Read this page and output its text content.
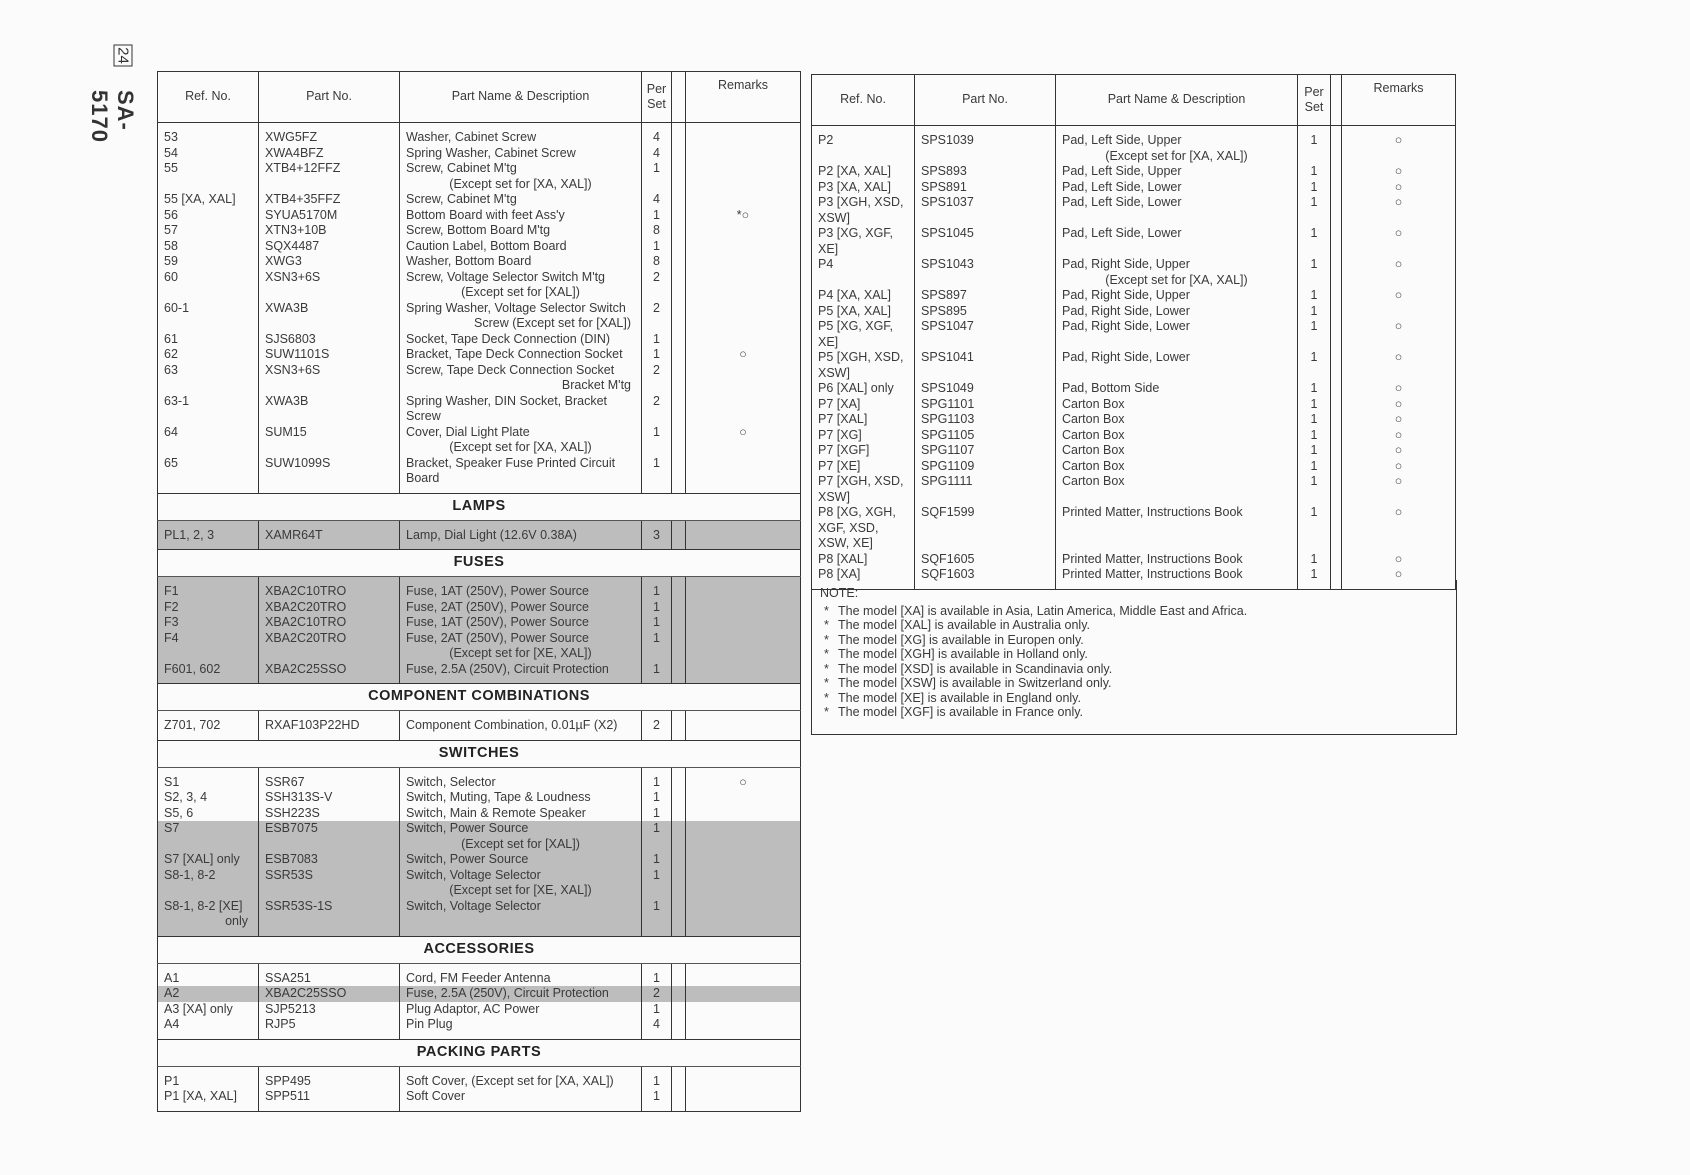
24
SA-5170	Ref. No.	Part No.	Part Name & Description	Per Set		Remarks
53	XWG5FZ	Washer, Cabinet Screw	4		
54	XWA4BFZ	Spring Washer, Cabinet Screw	4		
55	XTB4+12FFZ	Screw, Cabinet M'tg	1		

		(Except set for [XA, XAL])			

55 [XA, XAL]	XTB4+35FFZ	Screw, Cabinet M'tg	4		
56	SYUA5170M	Bottom Board with feet Ass'y	1		*○
57	XTN3+10B	Screw, Bottom Board M'tg	8		
58	SQX4487	Caution Label, Bottom Board	1		
59	XWG3	Washer, Bottom Board	8		
60	XSN3+6S	Screw, Voltage Selector Switch M'tg	2		

		(Except set for [XAL])			

60-1	XWA3B	Spring Washer, Voltage Selector Switch	2		

		Screw (Except set for [XAL])			

61	SJS6803	Socket, Tape Deck Connection (DIN)	1		
62	SUW1101S	Bracket, Tape Deck Connection Socket	1		○
63	XSN3+6S	Screw, Tape Deck Connection Socket	2		

		Bracket M'tg			

63-1	XWA3B	Spring Washer, DIN Socket, Bracket Screw	2		
64	SUM15	Cover, Dial Light Plate	1		○

		(Except set for [XA, XAL])			

65	SUW1099S	Bracket, Speaker Fuse Printed Circuit Board	1		
LAMPS					
PL1, 2, 3	XAMR64T	Lamp, Dial Light (12.6V 0.38A)	3		
FUSES					
F1	XBA2C10TRO	Fuse, 1AT (250V), Power Source	1		
F2	XBA2C20TRO	Fuse, 2AT (250V), Power Source	1		
F3	XBA2C10TRO	Fuse, 1AT (250V), Power Source	1		
F4	XBA2C20TRO	Fuse, 2AT (250V), Power Source	1		

		(Except set for [XE, XAL])			

F601, 602	XBA2C25SSO	Fuse, 2.5A (250V), Circuit Protection	1		
COMPONENT COMBINATIONS					
Z701, 702	RXAF103P22HD	Component Combination, 0.01µF (X2)	2		
SWITCHES					
S1	SSR67	Switch, Selector	1		○
S2, 3, 4	SSH313S-V	Switch, Muting, Tape & Loudness	1		
S5, 6	SSH223S	Switch, Main & Remote Speaker	1		
S7	ESB7075	Switch, Power Source	1		

		(Except set for [XAL])			

S7 [XAL] only	ESB7083	Switch, Power Source	1		
S8-1, 8-2	SSR53S	Switch, Voltage Selector	1		

		(Except set for [XE, XAL])			

S8-1, 8-2 [XE]	SSR53S-1S	Switch, Voltage Selector	1		

only					

ACCESSORIES					
A1	SSA251	Cord, FM Feeder Antenna	1		
A2	XBA2C25SSO	Fuse, 2.5A (250V), Circuit Protection	2		
A3 [XA] only	SJP5213	Plug Adaptor, AC Power	1		
A4	RJP5	Pin Plug	4		
PACKING PARTS					
P1	SPP495	Soft Cover, (Except set for [XA, XAL])	1		
P1 [XA, XAL]	SPP511	Soft Cover	1		
Ref. No.	Part No.	Part Name & Description	Per Set		Remarks
P2	SPS1039	Pad, Left Side, Upper	1		○

		(Except set for [XA, XAL])			

P2 [XA, XAL]	SPS893	Pad, Left Side, Upper	1		○
P3 [XA, XAL]	SPS891	Pad, Left Side, Lower	1		○
P3 [XGH, XSD,	SPS1037	Pad, Left Side, Lower	1		○
XSW]					
P3 [XG, XGF,	SPS1045	Pad, Left Side, Lower	1		○
XE]					
P4	SPS1043	Pad, Right Side, Upper	1		○

		(Except set for [XA, XAL])			

P4 [XA, XAL]	SPS897	Pad, Right Side, Upper	1		○
P5 [XA, XAL]	SPS895	Pad, Right Side, Lower	1		
P5 [XG, XGF,	SPS1047	Pad, Right Side, Lower	1		○
XE]					
P5 [XGH, XSD,	SPS1041	Pad, Right Side, Lower	1		○
XSW]					
P6 [XAL] only	SPS1049	Pad, Bottom Side	1		○
P7 [XA]	SPG1101	Carton Box	1		○
P7 [XAL]	SPG1103	Carton Box	1		○
P7 [XG]	SPG1105	Carton Box	1		○

P7 [XGF]	SPG1107	Carton Box	1		○
P7 [XE]	SPG1109	Carton Box	1		○
P7 [XGH, XSD,	SPG1111	Carton Box	1		○
XSW]					
P8 [XG, XGH,	SQF1599	Printed Matter, Instructions Book	1		○
XGF, XSD,					
XSW, XE]					
P8 [XAL]	SQF1605	Printed Matter, Instructions Book	1		○
P8 [XA]	SQF1603	Printed Matter, Instructions Book	1		○

NOTE:

* The model [XA] is available in Asia, Latin America, Middle East and Africa.
* The model [XAL] is available in Australia only.
* The model [XG] is available in Europen only.
* The model [XGH] is available in Holland only.
* The model [XSD] is available in Scandinavia only.
* The model [XSW] is available in Switzerland only.
* The model [XE] is available in England only.
* The model [XGF] is available in France only.
